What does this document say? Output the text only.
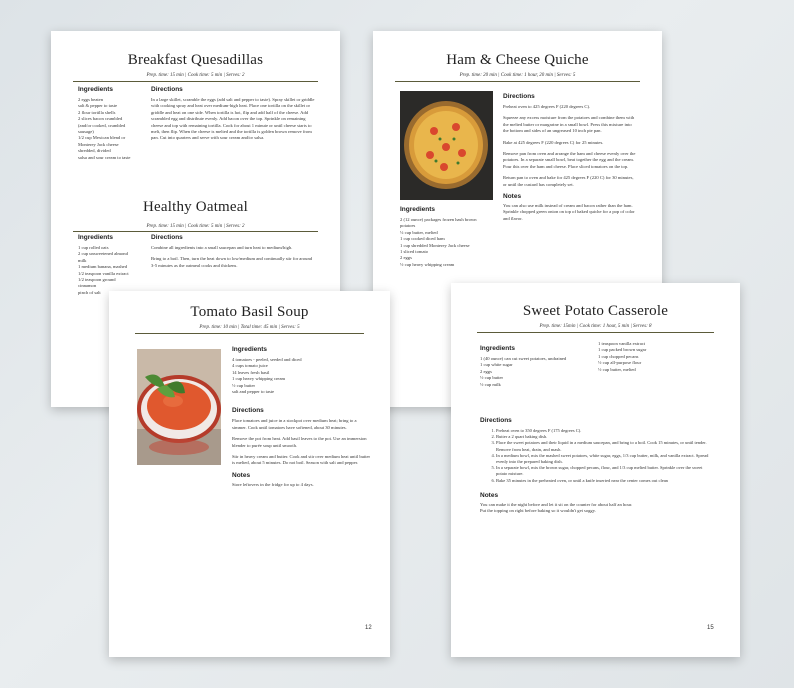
Breakfast Quesadillas
Prep. time: 15 min | Cook time: 5 min | Serves: 2
Ingredients
2 eggs beaten
salt & pepper to taste
2 flour tortilla shells
2 slices bacon crumbled
(and/or cooked, crumbled
sausage)
1/2 cup Mexican blend or
Monterey Jack cheese
shredded, divided
salsa and sour cream to taste
Directions

In a large skillet, scramble the eggs (add salt and pepper to taste). Spray skillet or griddle with cooking spray and heat over medium-high heat. Place one tortilla on the skillet or griddle and heat on one side. When tortilla is hot, flip and add half of the cheese. Add scrambled egg and distribute evenly. Add bacon over the top. Sprinkle on remaining cheese and top with remaining tortilla. Cook for about 1 minute or until cheese starts to melt, then flip. When the cheese is melted and the tortilla is golden brown remove from pan. Cut into quarters and serve with sour cream and/or salsa.

Healthy Oatmeal
Prep. time: 15 min | Cook time: 5 min | Serves: 2
Ingredients
1 cup rolled oats
2 cup unsweetened almond
milk
1 medium banana, mashed
1/2 teaspoon vanilla extract
1/2 teaspoon ground
cinnamon
pinch of salt
Directions

Combine all ingredients into a small saucepan and turn heat to medium/high.

Bring to a boil. Then, turn the heat down to low/medium and continually stir for around 3-5 minutes as the oatmeal cooks and thickens.

Ham & Cheese Quiche
Prep. time: 20 min | Cook time: 1 hour, 20 min | Serves: 5
Directions

Preheat oven to 425 degrees F (220 degrees C).

Squeeze any excess moisture from the potatoes and combine them with the melted butter or margarine in a small bowl. Press this mixture into the bottom and sides of an ungreased 10 inch pie pan.

Bake at 425 degrees F (220 degrees C) for 25 minutes.

Remove pan from oven and arrange the ham and cheese evenly over the potatoes. In a separate small bowl, beat together the egg and the cream. Pour this over the ham and cheese. Place sliced tomatoes on the top.

Return pan to oven and bake for 425 degrees F (220 C) for 30 minutes, or until the custard has completely set.

Notes

You can also use milk instead of cream and bacon rather than the ham. Sprinkle chopped green onion on top of baked quiche for a pop of color and flavor.

Ingredients
2 (12 ounce) packages frozen hash brown
potatoes
⅓ cup butter, melted
1 cup cooked diced ham
1 cup shredded Monterey Jack cheese
1 sliced tomato
2 eggs
½ cup heavy whipping cream
Tomato Basil Soup
Prep. time: 10 min | Total time: 45 min | Serves: 5
Ingredients
4 tomatoes - peeled, seeded and diced
4 cups tomato juice
14 leaves fresh basil
1 cup heavy whipping cream
½ cup butter
salt and pepper to taste
Directions

Place tomatoes and juice in a stockpot over medium heat; bring to a simmer. Cook until tomatoes have softened, about 30 minutes.

Remove the pot from heat. Add basil leaves to the pot. Use an immersion blender to purée soup until smooth.

Stir in heavy cream and butter. Cook and stir over medium heat until butter is melted, about 5 minutes. Do not boil. Season with salt and pepper.

Notes

Store leftovers in the fridge for up to 4 days.

12
Sweet Potato Casserole
Prep. time: 15min | Cook time: 1 hour, 5 min | Serves: 8
Ingredients
1 (40 ounce) can cut sweet potatoes, undrained
1 cup white sugar
2 eggs
½ cup butter
½ cup milk
1 teaspoon vanilla extract
1 cup packed brown sugar
1 cup chopped pecans
½ cup all-purpose flour
½ cup butter, melted
Directions
1. Preheat oven to 350 degrees F (175 degrees C).
2. Butter a 2 quart baking dish.
3. Place the sweet potatoes and their liquid in a medium saucepan, and bring to a boil. Cook 15 minutes, or until tender. Remove from heat, drain, and mash.
4. In a medium bowl, mix the mashed sweet potatoes, white sugar, eggs, 1/3 cup butter, milk, and vanilla extract. Spread evenly into the prepared baking dish.
5. In a separate bowl, mix the brown sugar, chopped pecans, flour, and 1/3 cup melted butter. Sprinkle over the sweet potato mixture.
6. Bake 35 minutes in the preheated oven, or until a knife inserted near the center comes out clean
Notes
You can make it the night before and let it sit on the counter for about half an hour.
Put the topping on right before baking so it wouldn't get soggy.
15
